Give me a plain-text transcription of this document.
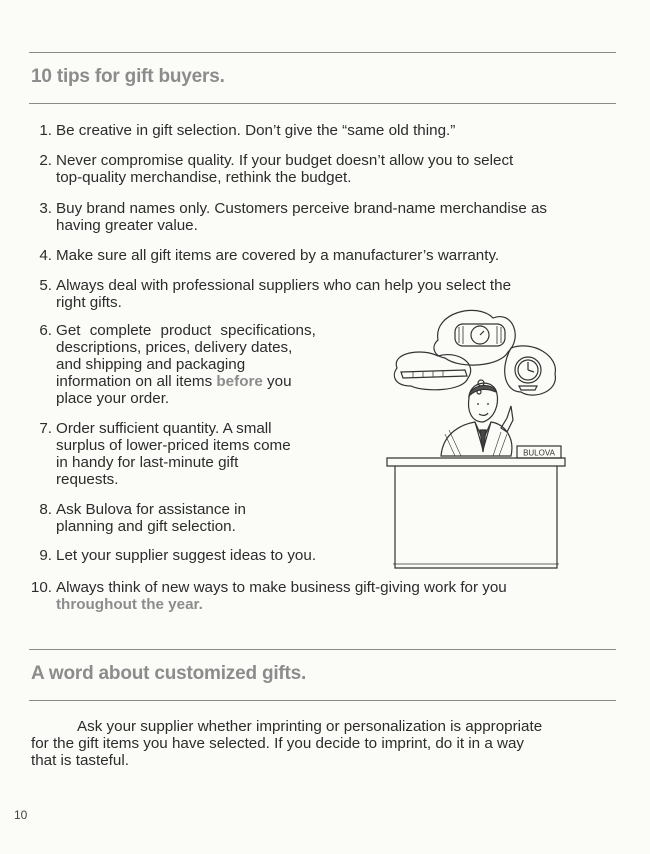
10 tips for gift buyers.
1. Be creative in gift selection. Don’t give the “same old thing.”
2. Never compromise quality. If your budget doesn’t allow you to select
top-quality merchandise, rethink the budget.
3. Buy brand names only. Customers perceive brand-name merchandise as
having greater value.
4. Make sure all gift items are covered by a manufacturer’s warranty.
5. Always deal with professional suppliers who can help you select the
right gifts.
6. Get complete product specifications,
descriptions, prices, delivery dates,
and shipping and packaging
information on all items before you
place your order.
7. Order sufficient quantity. A small
surplus of lower-priced items come
in handy for last-minute gift
requests.
8. Ask Bulova for assistance in
planning and gift selection.
9. Let your supplier suggest ideas to you.
10. Always think of new ways to make business gift-giving work for you
throughout the year.
BULOVA
A word about customized gifts.
Ask your supplier whether imprinting or personalization is appropriate
for the gift items you have selected. If you decide to imprint, do it in a way
that is tasteful.
10
